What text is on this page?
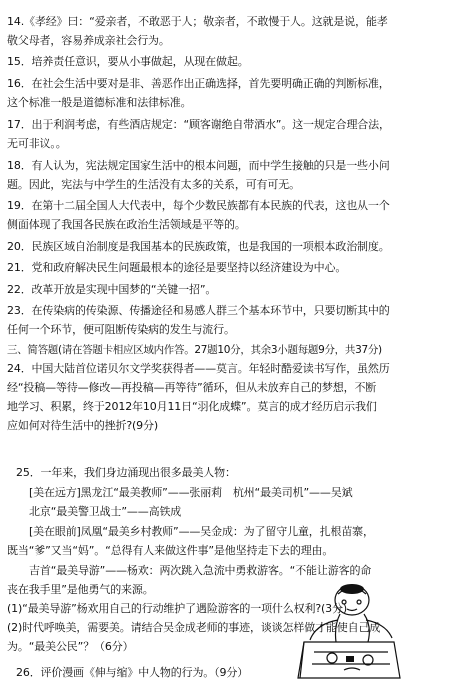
14.《孝经》曰：“爱亲者，不敢恶于人；敬亲者，不敢慢于人。这就是说，能孝
敬父母者，容易养成亲社会行为。
15．培养责任意识，要从小事做起，从现在做起。
16．在社会生活中要对是非、善恶作出正确选择，首先要明确正确的判断标准，
这个标准一般是道德标准和法律标准。
17．出于利润考虑，有些酒店规定：“顾客谢绝自带酒水”。这一规定合理合法，
无可非议。。
18．有人认为，宪法规定国家生活中的根本问题，而中学生接触的只是一些小问
题。因此，宪法与中学生的生活没有太多的关系，可有可无。
19．在第十二届全国人大代表中，每个少数民族都有本民族的代表，这也从一个
侧面体现了我国各民族在政治生活领域是平等的。
20．民族区域自治制度是我国基本的民族政策，也是我国的一项根本政治制度。
21．党和政府解决民生问题最根本的途径是要坚持以经济建设为中心。
22．改革开放是实现中国梦的“关键一招”。
23．在传染病的传染源、传播途径和易感人群三个基本环节中，只要切断其中的
任何一个环节，便可阻断传染病的发生与流行。
三、简答题(请在答题卡相应区域内作答。27题10分，其余3小题每题9分，共37分)
24．中国大陆首位诺贝尔文学奖获得者——莫言。年轻时酷爱读书写作，虽然历
经“投稿—等待—修改—再投稿—再等待”循环，但从未放弃自己的梦想，不断
地学习、积累，终于2012年10月11日“羽化成蝶”。莫言的成才经历启示我们
应如何对待生活中的挫折?(9分)
25．一年来，我们身边涌现出很多最美人物：
[美在远方]黑龙江“最美教师”——张丽莉　杭州“最美司机”——吴斌
北京“最美警卫战士”——高铁成
[美在眼前]凤凰“最美乡村教师”——吴金成：为了留守儿童，扎根苗寨，
既当“爹”又当“妈”。“总得有人来做这件事”是他坚持走下去的理由。
吉首“最美导游”——杨欢：两次跳入急流中勇救游客。“不能让游客的命
丧在我手里”是他勇气的来源。
(1)“最美导游”杨欢用自己的行动维护了遇险游客的一项什么权利?(3分)
(2)时代呼唤美，需要美。请结合吴金成老师的事迹，谈谈怎样做才能使自己成
为。“最美公民”？（6分）
26．评价漫画《伸与缩》中人物的行为。（9分）
